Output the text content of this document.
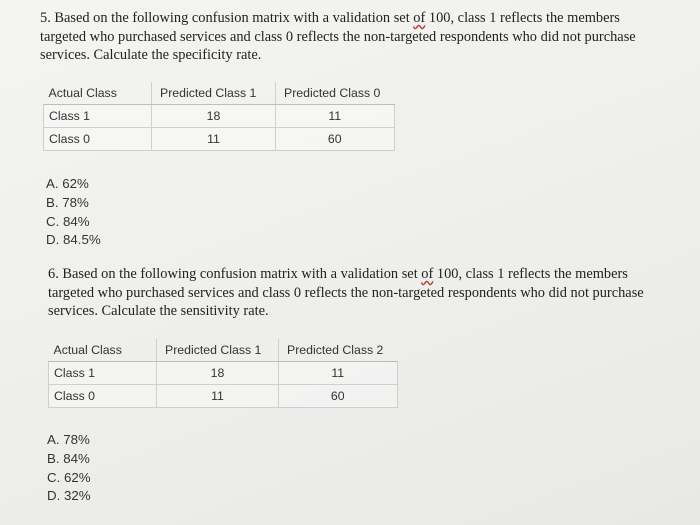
5. Based on the following confusion matrix with a validation set of 100, class 1 reflects the members targeted who purchased services and class 0 reflects the non-targeted respondents who did not purchase services. Calculate the specificity rate.
Actual Class	Predicted Class 1	Predicted Class 0
Class 1	18	11
Class 0	11	60
A. 62%
B. 78%
C. 84%
D. 84.5%
6. Based on the following confusion matrix with a validation set of 100, class 1 reflects the members targeted who purchased services and class 0 reflects the non-targeted respondents who did not purchase services. Calculate the sensitivity rate.
Actual Class	Predicted Class 1	Predicted Class 2
Class 1	18	11
Class 0	11	60
A. 78%
B. 84%
C. 62%
D. 32%
